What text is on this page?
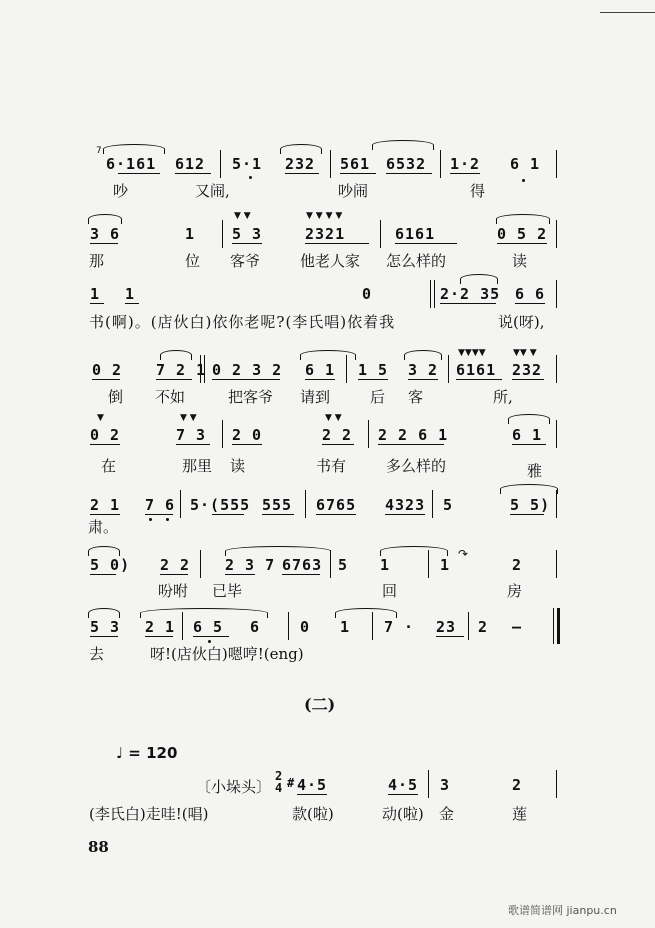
7
6·161 612 5·1 232 561 6532 1·2 6 1
吵	又闹,	吵闹	得
3 6	1
▼ ▼
5 3
▼ ▼ ▼ ▼
2321	6161	0 5 2
那	位 客爷	他老人家 怎么样的	读
1 1	0	2·2 35 6 6
书(啊)。(店伙白)依你老呢?(李氏唱)依着我	说(呀),
0 2 7 2 1 0 2 3 2 6 1 1 5 3 2
▼▼▼▼
6161
▼▼ ▼
232
倒 不如	把客爷 请到	后 客	所,
▼
0 2
▼ ▼
7 3 2 0
▼ ▼
2 2 2 2 6 1	6 1
在	那里 读	书有	多么样的	雅
2 1 7 6 5·(555 555 6765 4323 5	5 5)
肃。
5 0) 2 2 2 3 7 6763 5 1	1
↷
2
吩咐 已毕	回	房
5 3 2 1 6 5 6	0 1 7 · 23 2 —
去	呀!(店伙白)嗯哼!(eng)
(二)
♩ = 120
〔小垛头〕
2
4 # 4·5	4·5 3	2
(李氏白)走哇!(唱)	款(啦)	动(啦) 金	莲
88
歌谱简谱网 jianpu.cn
